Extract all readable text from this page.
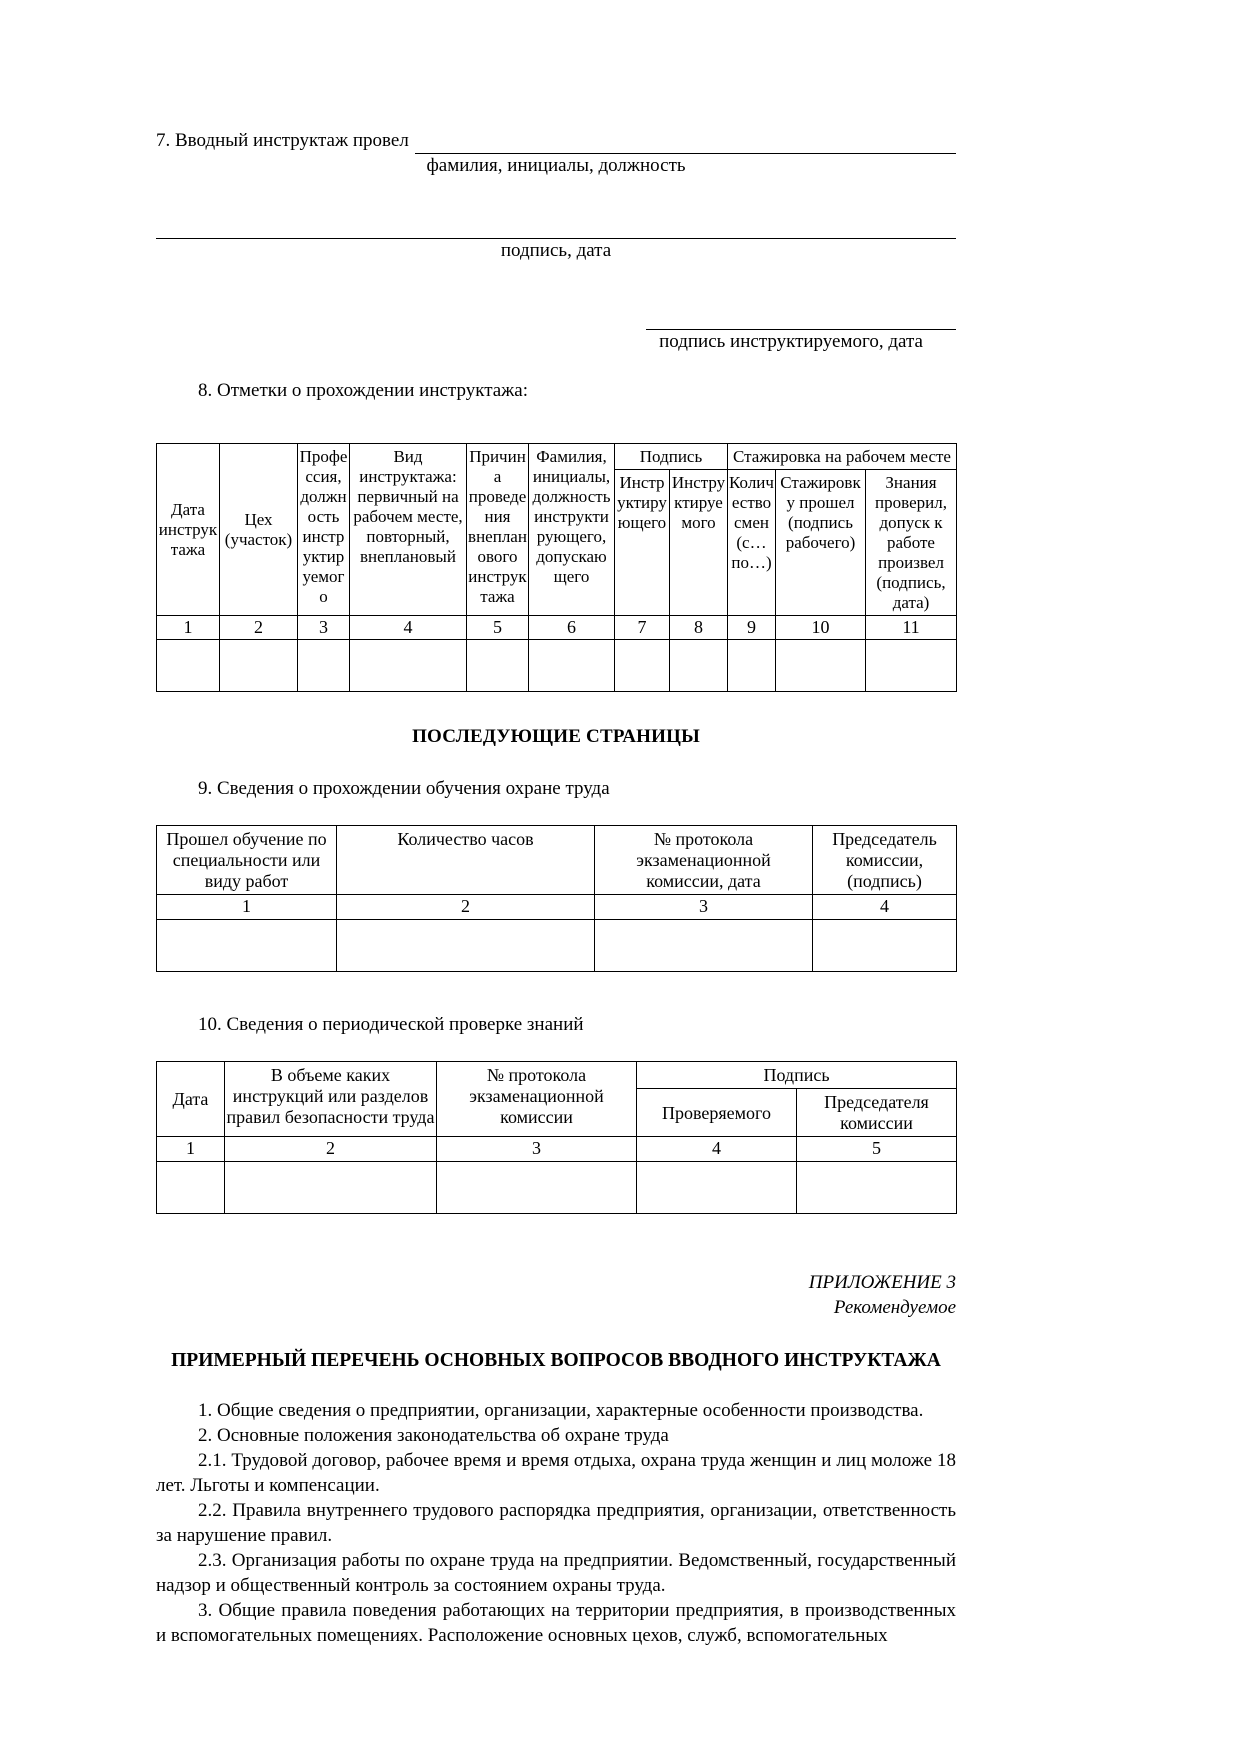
7. Вводный инструктаж провел
фамилия, инициалы, должность
подпись, дата
подпись инструктируемого, дата
8. Отметки о прохождении инструктажа:
Дата инструктажа	Цех (участок)	Профессия, должность инструктируемого	Вид инструктажа: первичный на рабочем месте, повторный, внеплановый	Причина проведения внепланового инструктажа	Фамилия, инициалы, должность инструктирующего, допускающего	Подпись		Стажировка на рабочем месте		
						Инструктирующего	Инструктируемого	Количество смен (с… по…)	Стажировку прошел (подпись рабочего)	Знания проверил, допуск к работе произвел (подпись, дата)
1	2	3	4	5	6	7	8	9	10	11

ПОСЛЕДУЮЩИЕ СТРАНИЦЫ
9. Сведения о прохождении обучения охране труда
Прошел обучение по специальности или виду работ	Количество часов	№ протокола экзаменационной комиссии, дата	Председатель комиссии, (подпись)
1	2	3	4

10. Сведения о периодической проверке знаний
Дата	В объеме каких инструкций или разделов правил безопасности труда	№ протокола экзаменационной комиссии	Подпись	
			Проверяемого	Председателя комиссии
1	2	3	4	5

ПРИЛОЖЕНИЕ 3
Рекомендуемое
ПРИМЕРНЫЙ ПЕРЕЧЕНЬ ОСНОВНЫХ ВОПРОСОВ ВВОДНОГО ИНСТРУКТАЖА

1. Общие сведения о предприятии, организации, характерные особенности производства.

2. Основные положения законодательства об охране труда

2.1. Трудовой договор, рабочее время и время отдыха, охрана труда женщин и лиц моложе 18 лет. Льготы и компенсации.

2.2. Правила внутреннего трудового распорядка предприятия, организации, ответственность за нарушение правил.

2.3. Организация работы по охране труда на предприятии. Ведомственный, государственный надзор и общественный контроль за состоянием охраны труда.

3. Общие правила поведения работающих на территории предприятия, в производственных и вспомогательных помещениях. Расположение основных цехов, служб, вспомогательных
